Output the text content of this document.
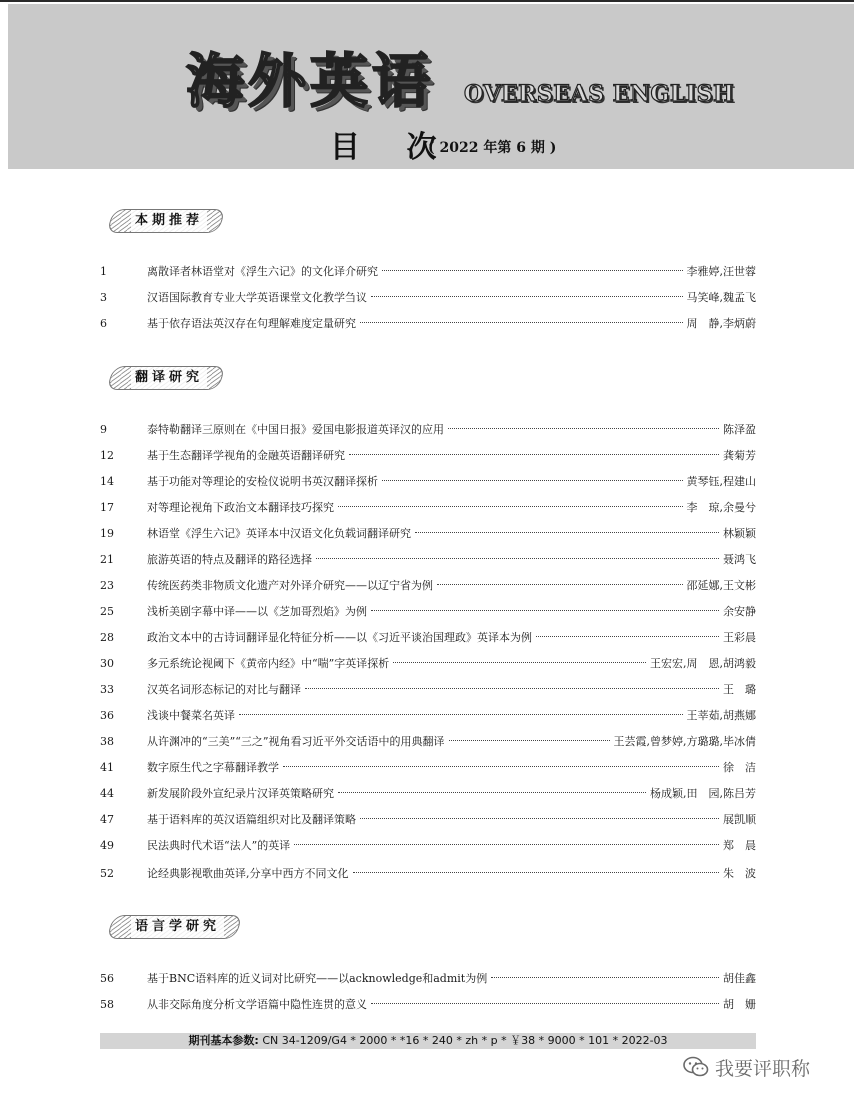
海外英语 OVERSEAS ENGLISH
目 次
( 2022 年第 6 期 )
本期推荐
1	离散译者林语堂对《浮生六记》的文化译介研究	李雅婷,汪世蓉
3	汉语国际教育专业大学英语课堂文化教学刍议	马笑峰,魏孟飞
6	基于依存语法英汉存在句理解难度定量研究	周　静,李炳蔚
翻译研究
9	泰特勒翻译三原则在《中国日报》爱国电影报道英译汉的应用	陈泽盈
12	基于生态翻译学视角的金融英语翻译研究	龚菊芳
14	基于功能对等理论的安检仪说明书英汉翻译探析	黄琴钰,程建山
17	对等理论视角下政治文本翻译技巧探究	李　琼,余曼兮
19	林语堂《浮生六记》英译本中汉语文化负载词翻译研究	林颖颖
21	旅游英语的特点及翻译的路径选择	聂鸿飞
23	传统医药类非物质文化遗产对外译介研究——以辽宁省为例	邵延娜,王文彬
25	浅析美剧字幕中译——以《芝加哥烈焰》为例	余安静
28	政治文本中的古诗词翻译显化特征分析——以《习近平谈治国理政》英译本为例	王彩晨
30	多元系统论视阈下《黄帝内经》中“喘”字英译探析	王宏宏,周　恩,胡鸿毅
33	汉英名词形态标记的对比与翻译	王　璐
36	浅谈中餐菜名英译	王莘茹,胡燕娜
38	从许渊冲的“三美”“三之”视角看习近平外交话语中的用典翻译	王芸霞,曾梦婷,方璐璐,毕冰倩
41	数字原生代之字幕翻译教学	徐　洁
44	新发展阶段外宣纪录片汉译英策略研究	杨成颖,田　园,陈吕芳
47	基于语料库的英汉语篇组织对比及翻译策略	展凯顺
49	民法典时代术语“法人”的英译	郑　晨
52	论经典影视歌曲英译,分享中西方不同文化	朱　波
语言学研究
56	基于BNC语料库的近义词对比研究——以acknowledge和admit为例	胡佳鑫
58	从非交际角度分析文学语篇中隐性连贯的意义	胡　姗
期刊基本参数: CN 34-1209/G4 * 2000 * *16 * 240 * zh * p * ￥38 * 9000 * 101 * 2022-03
我要评职称
